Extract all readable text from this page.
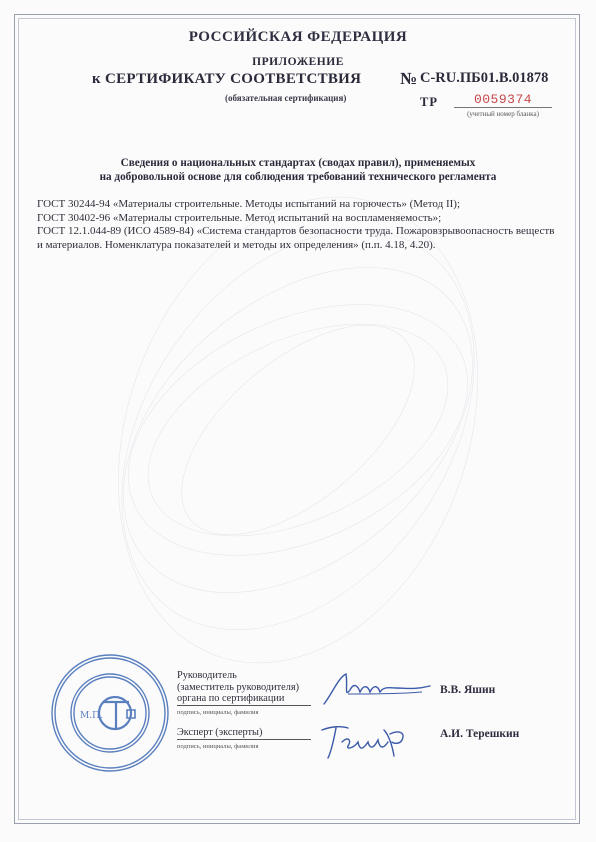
РОССИЙСКАЯ ФЕДЕРАЦИЯ
ПРИЛОЖЕНИЕ
к СЕРТИФИКАТУ СООТВЕТСТВИЯ № C-RU.ПБ01.B.01878
(обязательная сертификация)	ТР	0059374
(учетный номер бланка)
Сведения о национальных стандартах (сводах правил), применяемых
на добровольной основе для соблюдения требований технического регламента

ГОСТ 30244-94 «Материалы строительные. Методы испытаний на горючесть» (Метод II);

ГОСТ 30402-96 «Материалы строительные. Метод испытаний на воспламеняемость»;

ГОСТ 12.1.044-89 (ИСО 4589-84) «Система стандартов безопасности труда. Пожаровзрывоопасность веществ и материалов. Номенклатура показателей и методы их определения» (п.п. 4.18, 4.20).

М.П.
Руководитель
(заместитель руководителя)
органа по сертификации
подпись, инициалы, фамилия
В.В. Яшин
Эксперт (эксперты)
подпись, инициалы, фамилия
А.И. Терешкин
